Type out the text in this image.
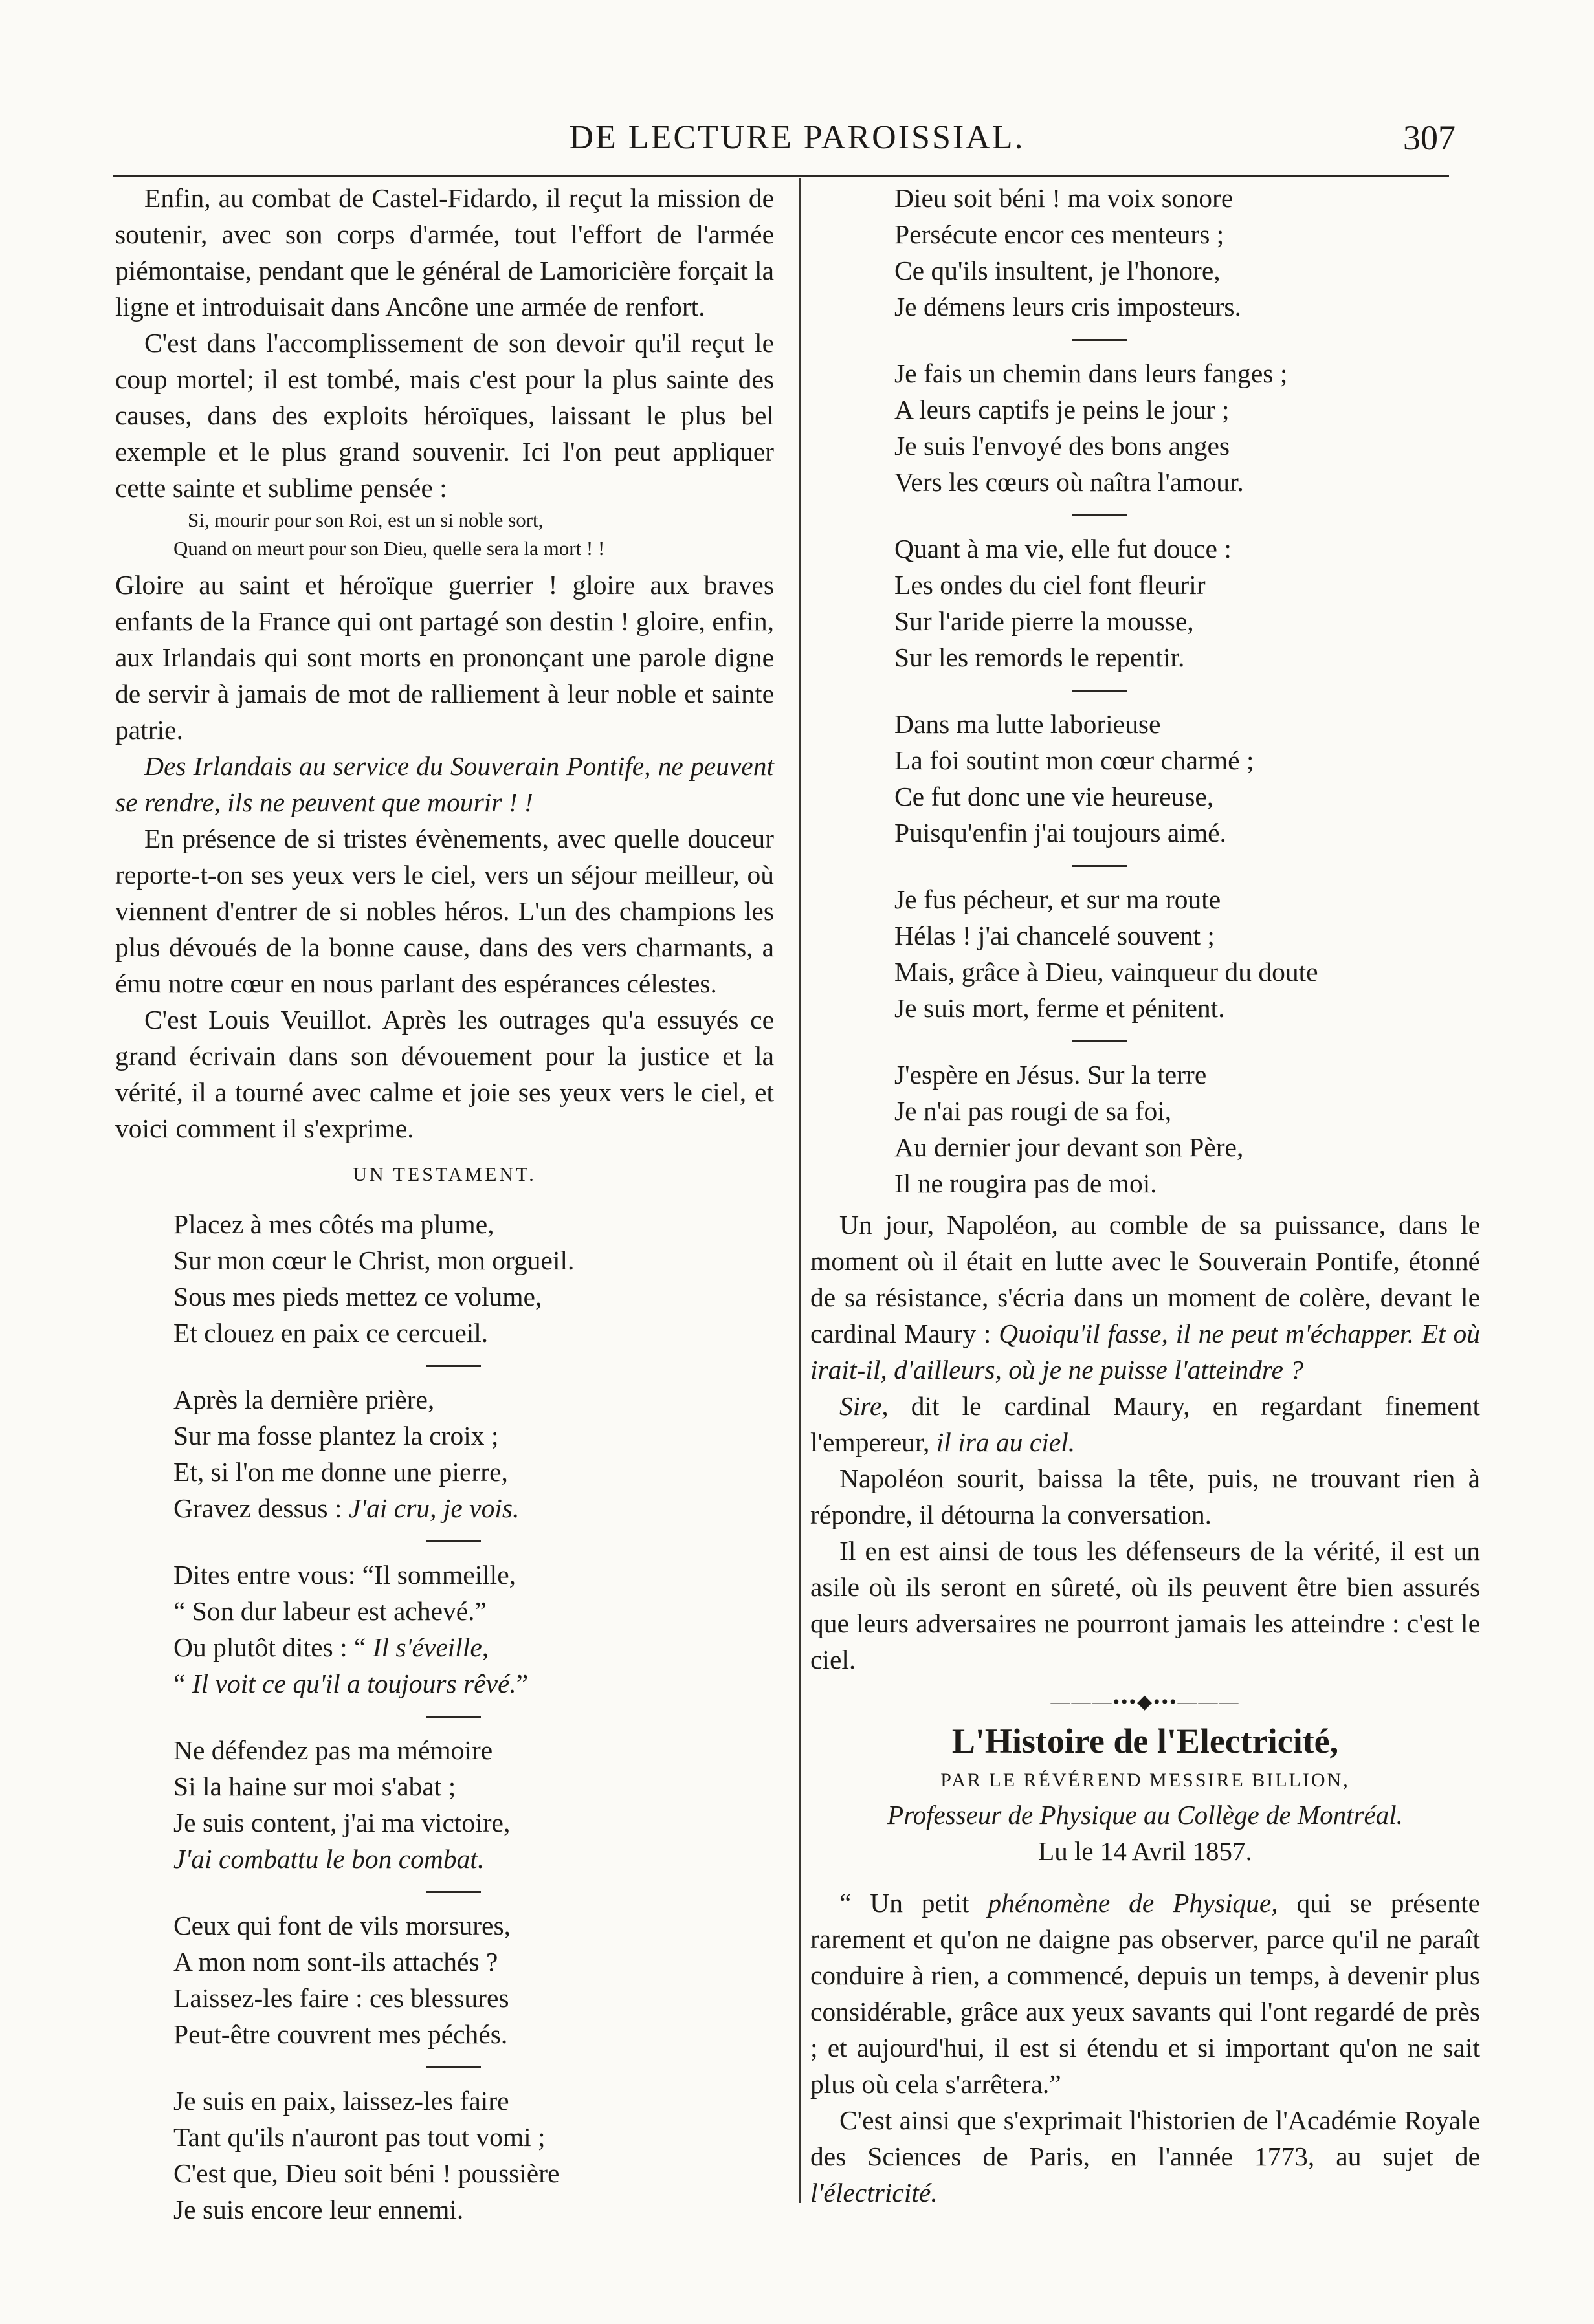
DE LECTURE PAROISSIAL.	307

Enfin, au combat de Castel-Fidardo, il reçut la mission de soutenir, avec son corps d'armée, tout l'effort de l'armée piémontaise, pendant que le général de Lamoricière forçait la ligne et introduisait dans Ancône une armée de renfort.

C'est dans l'accomplissement de son devoir qu'il reçut le coup mortel; il est tombé, mais c'est pour la plus sainte des causes, dans des exploits héroïques, laissant le plus bel exemple et le plus grand souvenir. Ici l'on peut appliquer cette sainte et sublime pensée :

Si, mourir pour son Roi, est un si noble sort,
Quand on meurt pour son Dieu, quelle sera la mort ! !

Gloire au saint et héroïque guerrier ! gloire aux braves enfants de la France qui ont partagé son destin ! gloire, enfin, aux Irlandais qui sont morts en prononçant une parole digne de servir à jamais de mot de ralliement à leur noble et sainte patrie.

Des Irlandais au service du Souverain Pontife, ne peuvent se rendre, ils ne peuvent que mourir ! !

En présence de si tristes évènements, avec quelle douceur reporte-t-on ses yeux vers le ciel, vers un séjour meilleur, où viennent d'entrer de si nobles héros. L'un des champions les plus dévoués de la bonne cause, dans des vers charmants, a ému notre cœur en nous parlant des espérances célestes.

C'est Louis Veuillot. Après les outrages qu'a essuyés ce grand écrivain dans son dévouement pour la justice et la vérité, il a tourné avec calme et joie ses yeux vers le ciel, et voici comment il s'exprime.

UN TESTAMENT.
Placez à mes côtés ma plume,
Sur mon cœur le Christ, mon orgueil.
Sous mes pieds mettez ce volume,
Et clouez en paix ce cercueil.
Après la dernière prière,
Sur ma fosse plantez la croix ;
Et, si l'on me donne une pierre,
Gravez dessus : J'ai cru, je vois.
Dites entre vous: “Il sommeille,
“ Son dur labeur est achevé.”
Ou plutôt dites : “ Il s'éveille,
“ Il voit ce qu'il a toujours rêvé.”
Ne défendez pas ma mémoire
Si la haine sur moi s'abat ;
Je suis content, j'ai ma victoire,
J'ai combattu le bon combat.
Ceux qui font de vils morsures,
A mon nom sont-ils attachés ?
Laissez-les faire : ces blessures
Peut-être couvrent mes péchés.
Je suis en paix, laissez-les faire
Tant qu'ils n'auront pas tout vomi ;
C'est que, Dieu soit béni ! poussière
Je suis encore leur ennemi.
Dieu soit béni ! ma voix sonore
Persécute encor ces menteurs ;
Ce qu'ils insultent, je l'honore,
Je démens leurs cris imposteurs.
Je fais un chemin dans leurs fanges ;
A leurs captifs je peins le jour ;
Je suis l'envoyé des bons anges
Vers les cœurs où naîtra l'amour.
Quant à ma vie, elle fut douce :
Les ondes du ciel font fleurir
Sur l'aride pierre la mousse,
Sur les remords le repentir.
Dans ma lutte laborieuse
La foi soutint mon cœur charmé ;
Ce fut donc une vie heureuse,
Puisqu'enfin j'ai toujours aimé.
Je fus pécheur, et sur ma route
Hélas ! j'ai chancelé souvent ;
Mais, grâce à Dieu, vainqueur du doute
Je suis mort, ferme et pénitent.
J'espère en Jésus. Sur la terre
Je n'ai pas rougi de sa foi,
Au dernier jour devant son Père,
Il ne rougira pas de moi.

Un jour, Napoléon, au comble de sa puissance, dans le moment où il était en lutte avec le Souverain Pontife, étonné de sa résistance, s'écria dans un moment de colère, devant le cardinal Maury : Quoiqu'il fasse, il ne peut m'échapper. Et où irait-il, d'ailleurs, où je ne puisse l'atteindre ?

Sire, dit le cardinal Maury, en regardant finement l'empereur, il ira au ciel.

Napoléon sourit, baissa la tête, puis, ne trouvant rien à répondre, il détourna la conversation.

Il en est ainsi de tous les défenseurs de la vérité, il est un asile où ils seront en sûreté, où ils peuvent être bien assurés que leurs adversaires ne pourront jamais les atteindre : c'est le ciel.

———•••◆•••———
L'Histoire de l'Electricité,
PAR LE RÉVÉREND MESSIRE BILLION,
Professeur de Physique au Collège de Montréal.
Lu le 14 Avril 1857.

“ Un petit phénomène de Physique, qui se présente rarement et qu'on ne daigne pas observer, parce qu'il ne paraît conduire à rien, a commencé, depuis un temps, à devenir plus considérable, grâce aux yeux savants qui l'ont regardé de près ; et aujourd'hui, il est si étendu et si important qu'on ne sait plus où cela s'arrêtera.”

C'est ainsi que s'exprimait l'historien de l'Académie Royale des Sciences de Paris, en l'année 1773, au sujet de l'électricité.
